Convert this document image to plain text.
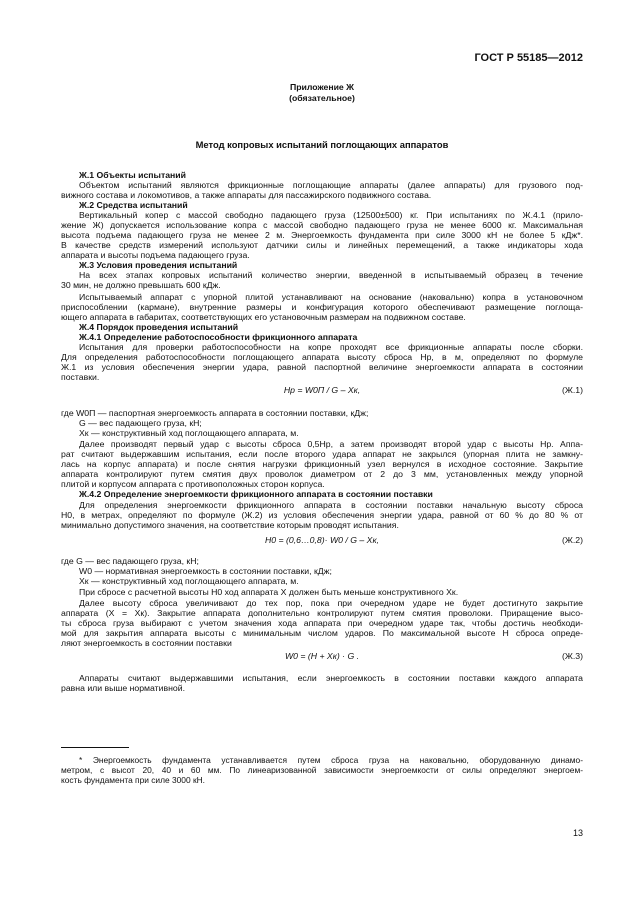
ГОСТ Р 55185—2012
Приложение Ж
(обязательное)
Метод копровых испытаний поглощающих аппаратов
Ж.1 Объекты испытаний
Объектом испытаний являются фрикционные поглощающие аппараты (далее аппараты) для грузового под-
вижного состава и локомотивов, а также аппараты для пассажирского подвижного состава.
Ж.2 Средства испытаний
Вертикальный копер с массой свободно падающего груза (12500±500) кг. При испытаниях по Ж.4.1 (прило-
жение Ж) допускается использование копра с массой свободно падающего груза не менее 6000 кг. Максимальная
высота подъема падающего груза не менее 2 м. Энергоемкость фундамента при силе 3000 кН не более 5 кДж*.
В качестве средств измерений используют датчики силы и линейных перемещений, а также индикаторы хода
аппарата и высоты подъема падающего груза.
Ж.3 Условия проведения испытаний
На всех этапах копровых испытаний количество энергии, введенной в испытываемый образец в течение
30 мин, не должно превышать 600 кДж.
Испытываемый аппарат с упорной плитой устанавливают на основание (наковальню) копра в установочном
приспособлении (кармане), внутренние размеры и конфигурация которого обеспечивают размещение поглоща-
ющего аппарата в габаритах, соответствующих его установочным размерам на подвижном составе.
Ж.4 Порядок проведения испытаний
Ж.4.1 Определение работоспособности фрикционного аппарата
Испытания для проверки работоспособности на копре проходят все фрикционные аппараты после сборки.
Для определения работоспособности поглощающего аппарата высоту сброса Hp, в м, определяют по формуле
Ж.1 из условия обеспечения энергии удара, равной паспортной величине энергоемкости аппарата в состоянии
поставки.
где W0П — паспортная энергоемкость аппарата в состоянии поставки, кДж;
G — вес падающего груза, кН;
Xк — конструктивный ход поглощающего аппарата, м.
Далее производят первый удар с высоты сброса 0,5Hp, а затем производят второй удар с высоты Hp. Аппа-
рат считают выдержавшим испытания, если после второго удара аппарат не закрылся (упорная плита не замкну-
лась на корпус аппарата) и после снятия нагрузки фрикционный узел вернулся в исходное состояние. Закрытие
аппарата контролируют путем смятия двух проволок диаметром от 2 до 3 мм, установленных между упорной
плитой и корпусом аппарата с противоположных сторон корпуса.
Ж.4.2 Определение энергоемкости фрикционного аппарата в состоянии поставки
Для определения энергоемкости фрикционного аппарата в состоянии поставки начальную высоту сброса
H0, в метрах, определяют по формуле (Ж.2) из условия обеспечения энергии удара, равной от 60 % до 80 % от
минимально допустимого значения, на соответствие которым проводят испытания.
где G — вес падающего груза, кН;
W0 — нормативная энергоемкость в состоянии поставки, кДж;
Xк — конструктивный ход поглощающего аппарата, м.
При сбросе с расчетной высоты H0 ход аппарата X должен быть меньше конструктивного Xк.
Далее высоту сброса увеличивают до тех пор, пока при очередном ударе не будет достигнуто закрытие
аппарата (X = Xк). Закрытие аппарата дополнительно контролируют путем смятия проволоки. Приращение высо-
ты сброса груза выбирают с учетом значения хода аппарата при очередном ударе так, чтобы достичь необходи-
мой для закрытия аппарата высоты с минимальным числом ударов. По максимальной высоте Н сброса опреде-
ляют энергоемкость в состоянии поставки
Аппараты считают выдержавшими испытания, если энергоемкость в состоянии поставки каждого аппарата
равна или выше нормативной.
Hp = W0П / G – Xк,	(Ж.1)
H0 = (0,6…0,8)· W0 / G – Xк,	(Ж.2)
W0 = (H + Xк) · G .	(Ж.3)
* Энергоемкость фундамента устанавливается путем сброса груза на наковальню, оборудованную динамо-
метром, с высот 20, 40 и 60 мм. По линеаризованной зависимости энергоемкости от силы определяют энергоем-
кость фундамента при силе 3000 кН.
13
